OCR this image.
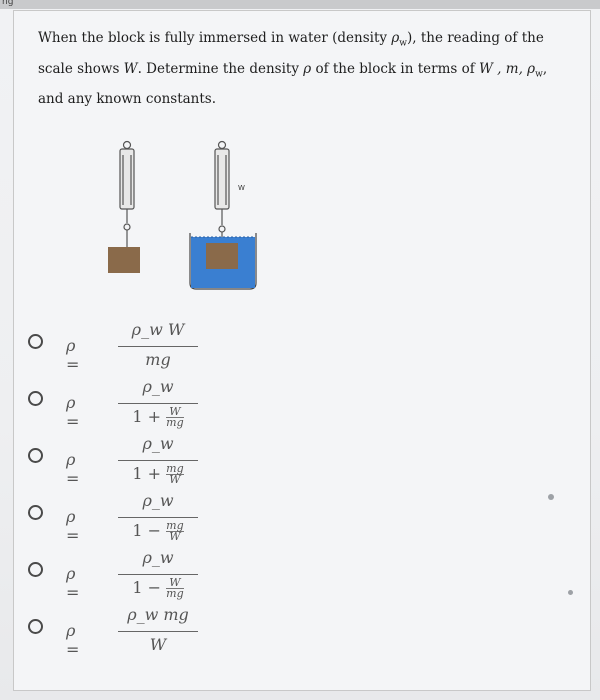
ng
When the block is fully immersed in water (density $\rho_w$), the reading of the scale shows W. Determine the density ρ of the block in terms of W , m, $\rho_w$, and any known constants.
W
ρ =
ρ_w W
mg
ρ =
ρ_w
$1 + \frac{W}{mg}$
ρ =
ρ_w
$1 + \frac{mg}{W}$
ρ =
ρ_w
$1 - \frac{mg}{W}$
ρ =
ρ_w
$1 - \frac{W}{mg}$
ρ =
ρ_w mg
W
